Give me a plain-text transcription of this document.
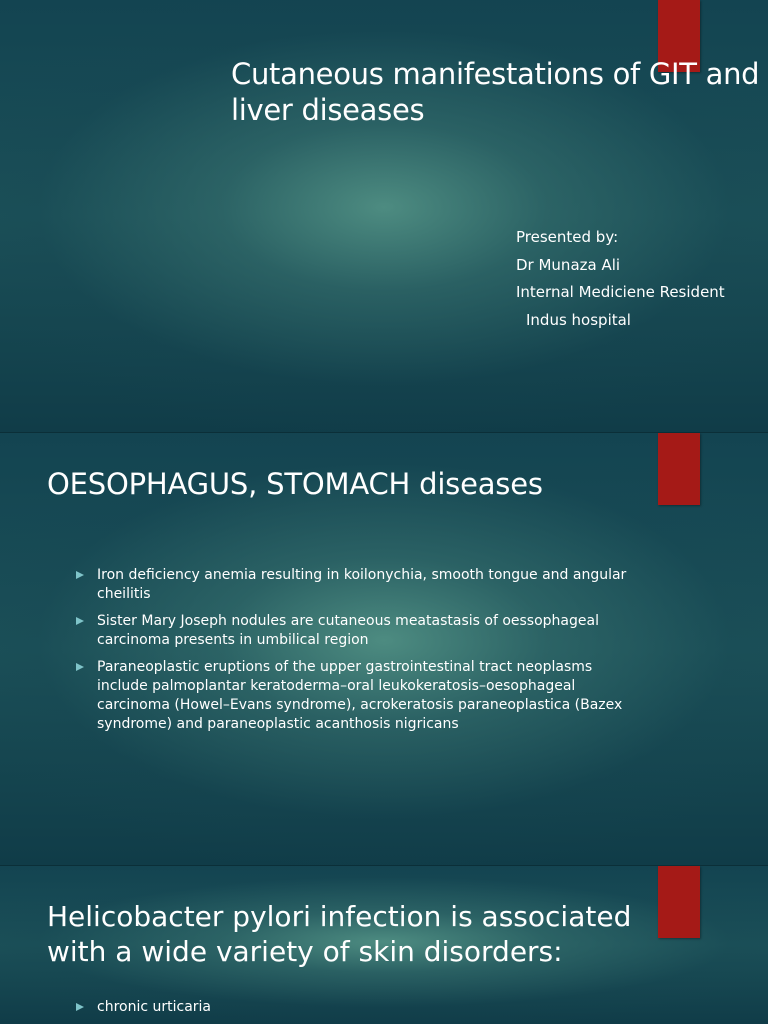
Cutaneous manifestations of GIT and liver diseases
Presented by:
Dr Munaza Ali
Internal Mediciene Resident
Indus hospital
OESOPHAGUS, STOMACH diseases
Iron deficiency anemia resulting in koilonychia, smooth tongue and angular cheilitis
Sister Mary Joseph nodules are cutaneous meatastasis of oessophageal carcinoma presents in umbilical region
Paraneoplastic eruptions of the upper gastrointestinal tract neoplasms include palmoplantar keratoderma–oral leukokeratosis–oesophageal carcinoma (Howel–Evans syndrome), acrokeratosis paraneoplastica (Bazex syndrome) and paraneoplastic acanthosis nigricans
Helicobacter pylori infection is associated with a wide variety of skin disorders:
chronic urticaria
